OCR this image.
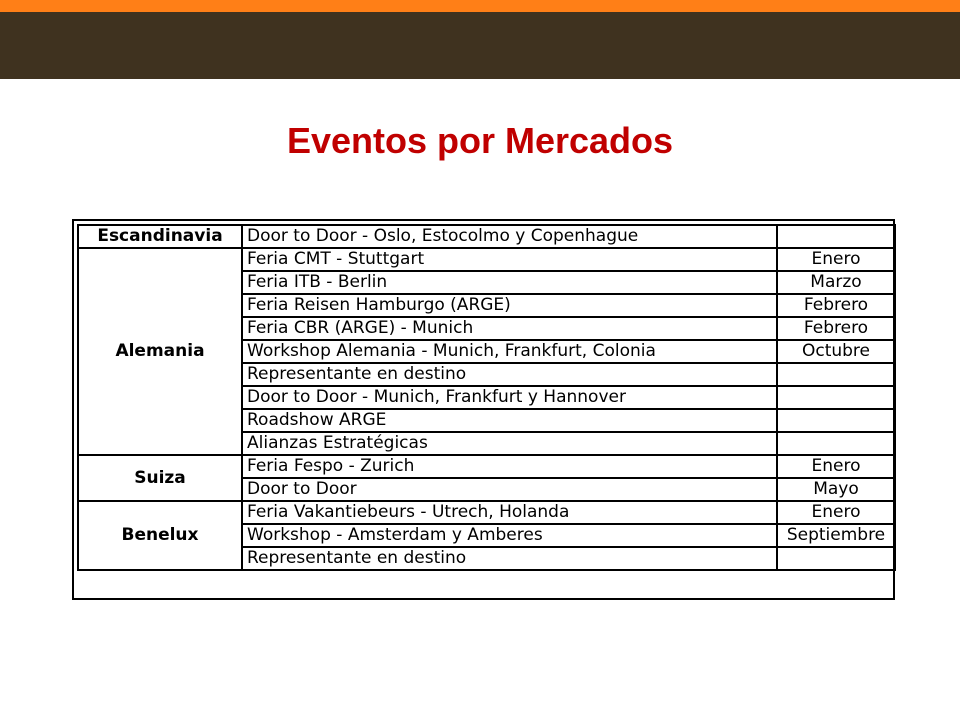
Eventos por Mercados
Escandinavia	Door to Door - Oslo, Estocolmo y Copenhague	
Alemania	Feria CMT - Stuttgart	Enero
	Feria ITB - Berlin	Marzo
	Feria Reisen Hamburgo (ARGE)	Febrero
	Feria CBR (ARGE) - Munich	Febrero
	Workshop Alemania - Munich, Frankfurt, Colonia	Octubre
	Representante en destino	
	Door to Door - Munich, Frankfurt y Hannover	
	Roadshow ARGE	
	Alianzas Estratégicas	
Suiza	Feria Fespo - Zurich	Enero
	Door to Door	Mayo
Benelux	Feria Vakantiebeurs - Utrech, Holanda	Enero
	Workshop - Amsterdam y Amberes	Septiembre
	Representante en destino	
